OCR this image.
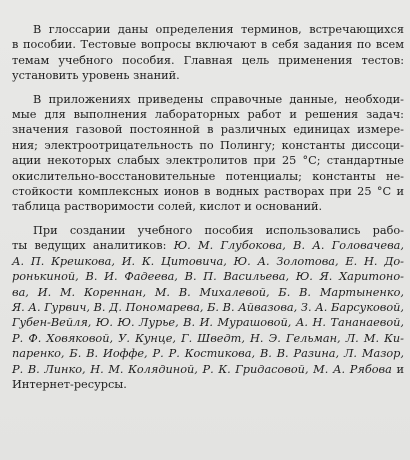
В глоссарии даны определения терминов, встречающихся
в пособии. Тестовые вопросы включают в себя задания по всем
темам учебного пособия. Главная цель применения тестов:
установить уровень знаний.
В приложениях приведены справочные данные, необходи-
мые для выполнения лабораторных работ и решения задач:
значения газовой постоянной в различных единицах измере-
ния; электроотрицательность по Полингу; константы диссоци-
ации некоторых слабых электролитов при 25 °С; стандартные
окислительно-восстановительные потенциалы; константы не-
стойкости комплексных ионов в водных растворах при 25 °С и
таблица растворимости солей, кислот и оснований.
При создании учебного пособия использовались рабо-
ты ведущих аналитиков: Ю. М. Глубокова, В. А. Головачева,
А. П. Крешкова, И. К. Цитовича, Ю. А. Золотова, Е. Н. До-
ронькиной, В. И. Фадеева, В. П. Васильева, Ю. Я. Харитоно-
ва, И. М. Кореннан, М. В. Михалевой, Б. В. Мартыненко,
Я. А. Гурвич, В. Д. Пономарева, Б. В. Айвазова, З. А. Барсуковой,
Губен-Вейля, Ю. Ю. Лурье, В. И. Мурашовой, А. Н. Тананаевой,
Р. Ф. Ховяковой, У. Кунце, Г. Шведт, Н. Э. Гельман, Л. М. Ки-
паренко, Б. В. Иоффе, Р. Р. Костикова, В. В. Разина, Л. Мазор,
Р. В. Линко, Н. М. Колядиной, Р. К. Гридасовой, М. А. Рябова и
Интернет-ресурсы.
